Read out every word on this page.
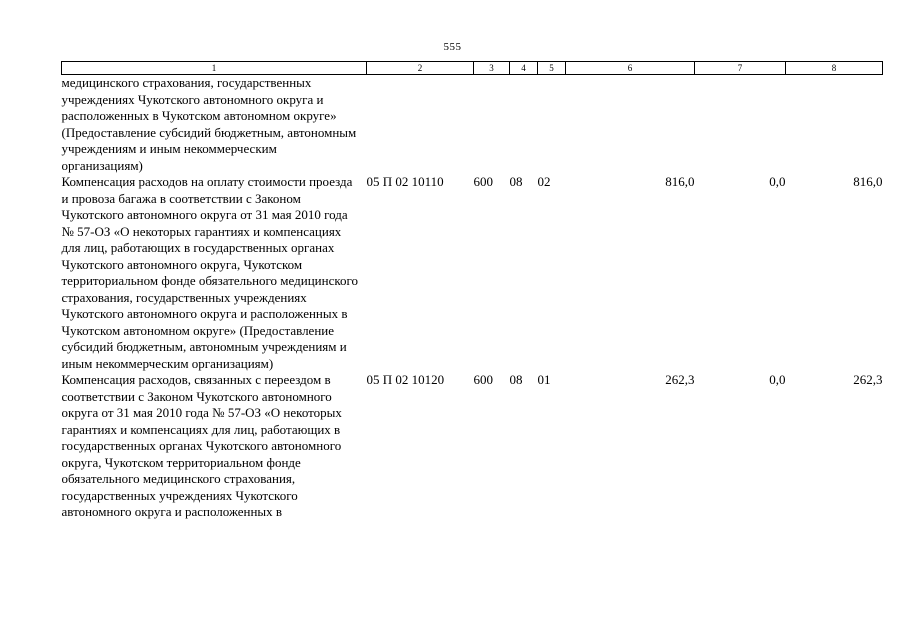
555
1	2	3	4	5	6	7	8
медицинского страхования, государственных учреждениях Чукотского автономного округа и расположенных в Чукотском автономном округе» (Предоставление субсидий бюджетным, автономным учреждениям и иным некоммерческим организациям)							
Компенсация расходов на оплату стоимости проезда и провоза багажа в соответствии с Законом Чукотского автономного округа от 31 мая 2010 года № 57-ОЗ «О некоторых гарантиях и компенсациях для лиц, работающих в государственных органах Чукотского автономного округа, Чукотском территориальном фонде обязательного медицинского страхования, государственных учреждениях Чукотского автономного округа и расположенных в Чукотском автономном округе» (Предоставление субсидий бюджетным, автономным учреждениям и иным некоммерческим организациям)	05 П 02 10110	600	08	02	816,0	0,0	816,0
Компенсация расходов, связанных с переездом в соответствии с Законом Чукотского автономного округа от 31 мая 2010 года № 57-ОЗ «О некоторых гарантиях и компенсациях для лиц, работающих в государственных органах Чукотского автономного округа, Чукотском территориальном фонде обязательного медицинского страхования, государственных учреждениях Чукотского автономного округа и расположенных в	05 П 02 10120	600	08	01	262,3	0,0	262,3
